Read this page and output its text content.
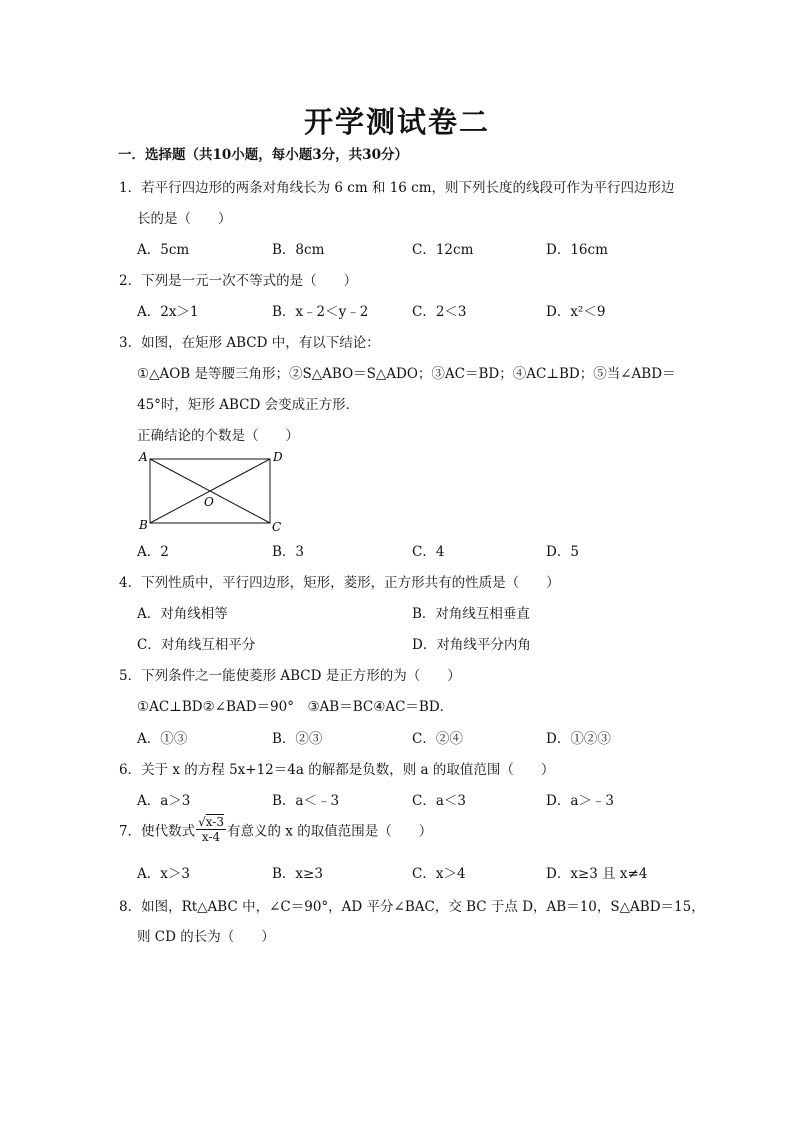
开学测试卷二
一．选择题（共10小题，每小题3分，共30分）
1．若平行四边形的两条对角线长为 6 cm 和 16 cm，则下列长度的线段可作为平行四边形边
长的是（　　）
A．5cm	B．8cm	C．12cm	D．16cm
2．下列是一元一次不等式的是（　　）
A．2x＞1	B．x﹣2＜y﹣2	C．2＜3	D．x²＜9
3．如图，在矩形 ABCD 中，有以下结论：
①△AOB 是等腰三角形；②S△ABO＝S△ADO；③AC＝BD；④AC⊥BD；⑤当∠ABD＝
45°时，矩形 ABCD 会变成正方形．
正确结论的个数是（　　）
A	D
B	C
O
A．2	B．3	C．4	D．5
4．下列性质中，平行四边形，矩形，菱形，正方形共有的性质是（　　）
A．对角线相等	B．对角线互相垂直
C．对角线互相平分	D．对角线平分内角
5．下列条件之一能使菱形 ABCD 是正方形的为（　　）
①AC⊥BD②∠BAD＝90°　③AB＝BC④AC＝BD．
A．①③	B．②③	C．②④	D．①②③
6．关于 x 的方程 5x+12＝4a 的解都是负数，则 a 的取值范围（　　）
A．a＞3	B．a＜﹣3	C．a＜3	D．a＞﹣3
7．使代数式 $\frac{√x-3}{x-4}$ 有意义的 x 的取值范围是（　　）
A．x＞3	B．x≥3	C．x＞4	D．x≥3 且 x≠4
8．如图，Rt△ABC 中，∠C＝90°，AD 平分∠BAC，交 BC 于点 D，AB＝10，S△ABD＝15，
则 CD 的长为（　　）
